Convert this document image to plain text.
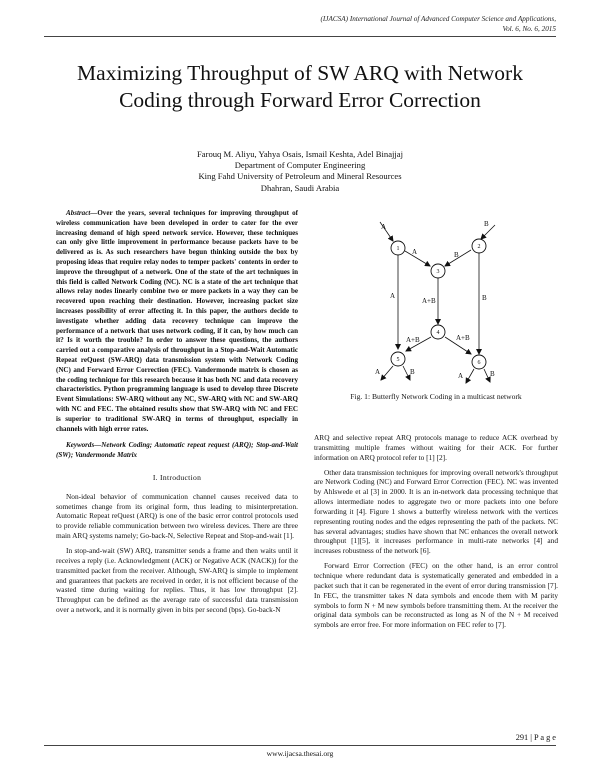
(IJACSA) International Journal of Advanced Computer Science and Applications,
Vol. 6, No. 6, 2015
Maximizing Throughput of SW ARQ with Network
Coding through Forward Error Correction
Farouq M. Aliyu, Yahya Osais, Ismail Keshta, Adel Binajjaj
Department of Computer Engineering
King Fahd University of Petroleum and Mineral Resources
Dhahran, Saudi Arabia

Abstract—Over the years, several techniques for improving throughput of wireless communication have been developed in order to cater for the ever increasing demand of high speed network service. However, these techniques can only give little improvement in performance because packets have to be delivered as is. As such researchers have begun thinking outside the box by proposing ideas that require relay nodes to temper packets' contents in order to improve the throughput of a network. One of the state of the art techniques in this field is called Network Coding (NC). NC is a state of the art technique that allows relay nodes linearly combine two or more packets in a way they can be recovered upon reaching their destination. However, increasing packet size increases possibility of error affecting it. In this paper, the authors decide to investigate whether adding data recovery technique can improve the performance of a network that uses network coding, if it can, by how much can it? Is it worth the trouble? In order to answer these questions, the authors carried out a comparative analysis of throughput in a Stop-and-Wait Automatic Repeat reQuest (SW-ARQ) data transmission system with Network Coding (NC) and Forward Error Correction (FEC). Vandermonde matrix is chosen as the coding technique for this research because it has both NC and data recovery characteristics. Python programming language is used to develop three Discrete Event Simulations: SW-ARQ without any NC, SW-ARQ with NC and SW-ARQ with NC and FEC. The obtained results show that SW-ARQ with NC and FEC is superior to traditional SW-ARQ in terms of throughput, especially in channels with high error rates.

Keywords—Network Coding; Automatic repeat request (ARQ); Stop-and-Wait (SW); Vandermonde Matrix

I. Introduction

Non-ideal behavior of communication channel causes received data to sometimes change from its original form, thus leading to misinterpretation. Automatic Repeat reQuest (ARQ) is one of the basic error control protocols used to provide reliable communication between two wireless devices. There are three main ARQ systems namely; Go-back-N, Selective Repeat and Stop-and-wait [1].

In stop-and-wait (SW) ARQ, transmitter sends a frame and then waits until it receives a reply (i.e. Acknowledgment (ACK) or Negative ACK (NACK)) for the transmitted packet from the receiver. Although, SW-ARQ is simple to implement and guarantees that packets are received in order, it is not efficient because of the wasted time during waiting for replies. Thus, it has low throughput [2]. Throughput can be defined as the average rate of successful data transmission over a network, and it is normally given in bits per second (bps). Go-back-N

1	2
3
4
5	6
A	B
A	B
A	B
A+B
A+B	A+B
A	B	A	B
Fig. 1: Butterfly Network Coding in a multicast network

ARQ and selective repeat ARQ protocols manage to reduce ACK overhead by transmitting multiple frames without waiting for their ACK. For further information on ARQ protocol refer to [1] [2].

Other data transmission techniques for improving overall network's throughput are Network Coding (NC) and Forward Error Correction (FEC). NC was invented by Ahlswede et al [3] in 2000. It is an in-network data processing technique that allows intermediate nodes to aggregate two or more packets into one before forwarding it [4]. Figure 1 shows a butterfly wireless network with the vertices representing routing nodes and the edges representing the path of the packets. NC has several advantages; studies have shown that NC enhances the overall network throughput [1][5], it increases performance in multi-rate networks [4] and increases robustness of the network [6].

Forward Error Correction (FEC) on the other hand, is an error control technique where redundant data is systematically generated and embedded in a packet such that it can be regenerated in the event of error during transmission [7]. In FEC, the transmitter takes N data symbols and encode them with M parity symbols to form N + M new symbols before transmitting them. At the receiver the original data symbols can be reconstructed as long as N of the N + M received symbols are error free. For more information on FEC refer to [7].

291 | P a g e
www.ijacsa.thesai.org
